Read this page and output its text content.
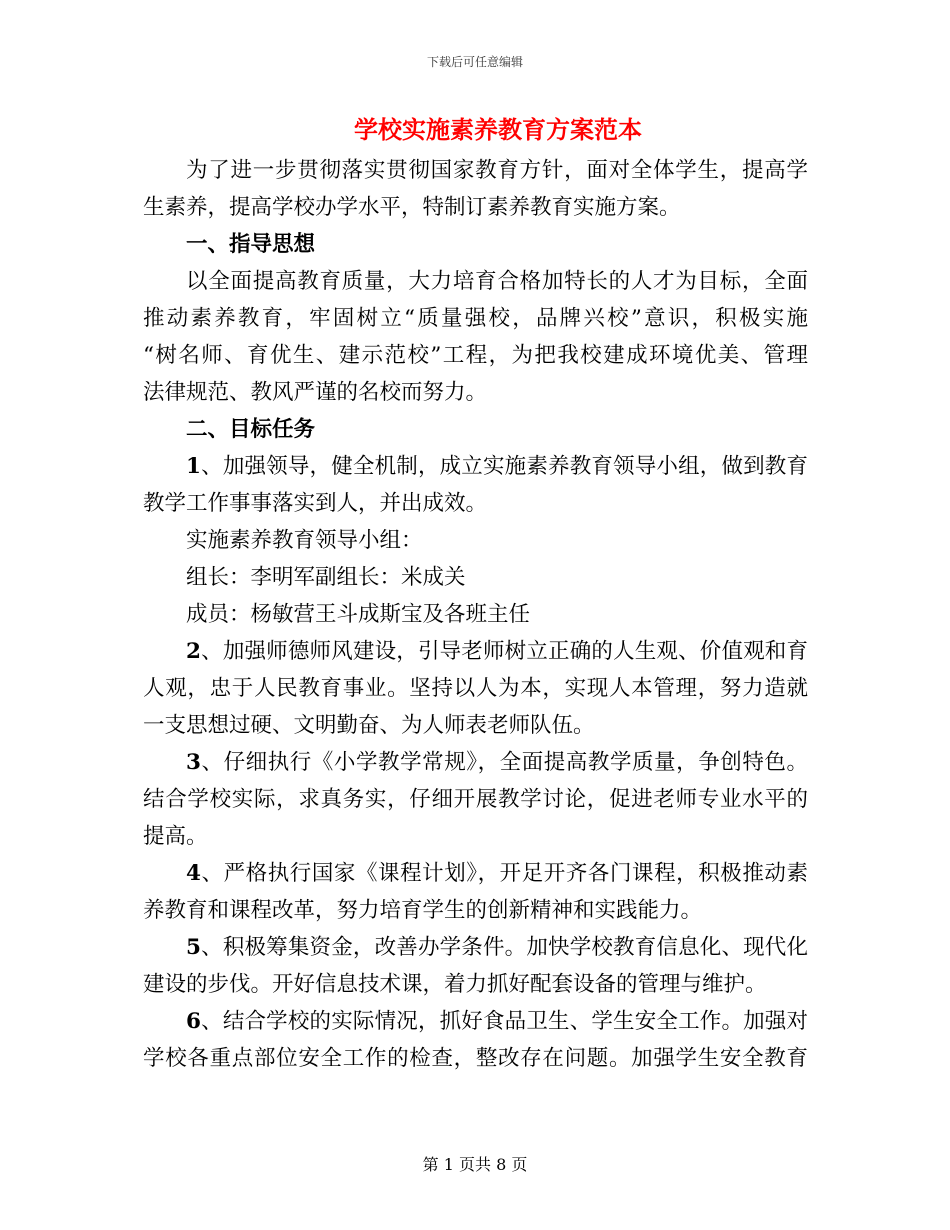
下载后可任意编辑
学校实施素养教育方案范本
为了进一步贯彻落实贯彻国家教育方针，面对全体学生，提高学
生素养，提高学校办学水平，特制订素养教育实施方案。
一、指导思想
以全面提高教育质量，大力培育合格加特长的人才为目标，全面
推动素养教育，牢固树立“质量强校，品牌兴校”意识，积极实施
“树名师、育优生、建示范校”工程，为把我校建成环境优美、管理
法律规范、教风严谨的名校而努力。
二、目标任务
1、加强领导，健全机制，成立实施素养教育领导小组，做到教育
教学工作事事落实到人，并出成效。
实施素养教育领导小组：
组长：李明军副组长：米成关
成员：杨敏营王斗成斯宝及各班主任
2、加强师德师风建设，引导老师树立正确的人生观、价值观和育
人观，忠于人民教育事业。坚持以人为本，实现人本管理，努力造就
一支思想过硬、文明勤奋、为人师表老师队伍。
3、仔细执行《小学教学常规》，全面提高教学质量，争创特色。
结合学校实际，求真务实，仔细开展教学讨论，促进老师专业水平的
提高。
4、严格执行国家《课程计划》，开足开齐各门课程，积极推动素
养教育和课程改革，努力培育学生的创新精神和实践能力。
5、积极筹集资金，改善办学条件。加快学校教育信息化、现代化
建设的步伐。开好信息技术课，着力抓好配套设备的管理与维护。
6、结合学校的实际情况，抓好食品卫生、学生安全工作。加强对
学校各重点部位安全工作的检查，整改存在问题。加强学生安全教育
第 1 页共 8 页
